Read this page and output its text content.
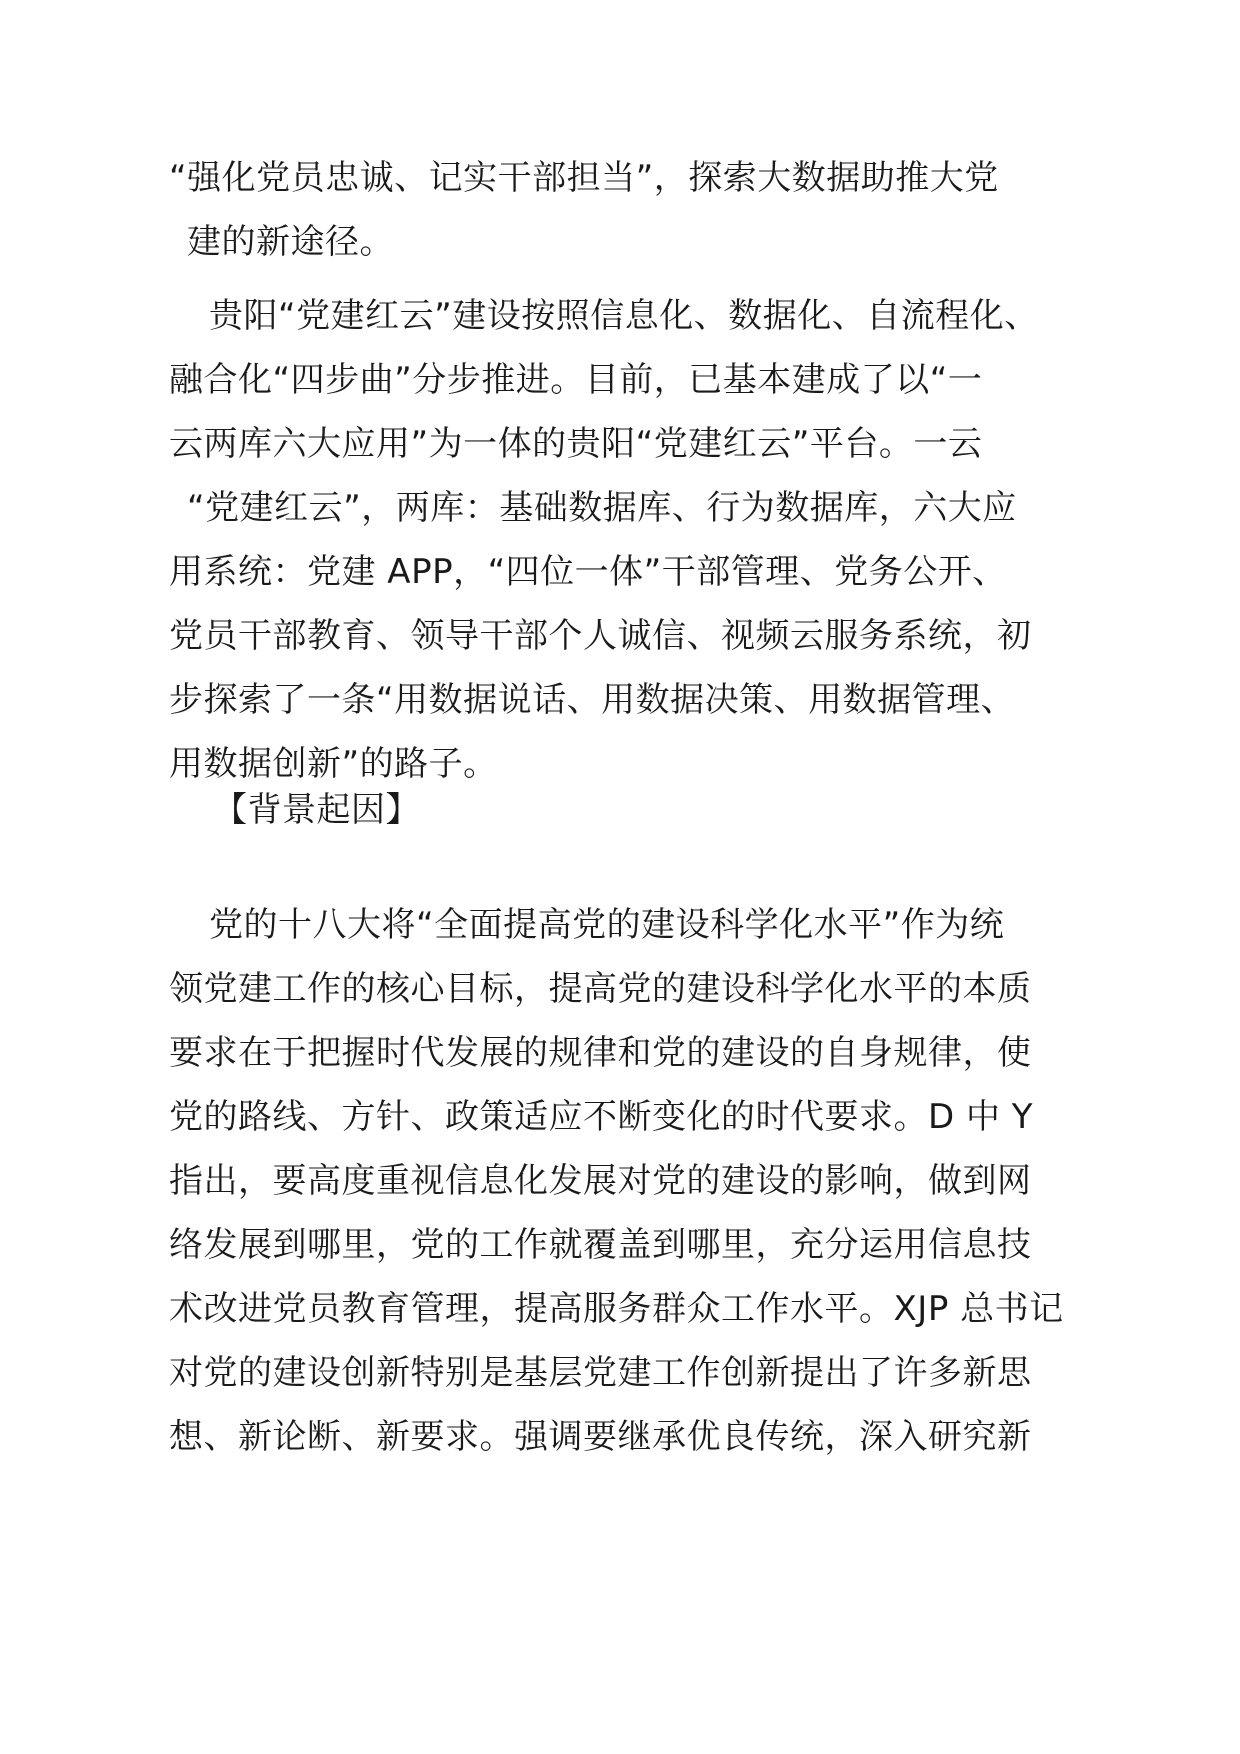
“强化党员忠诚、记实干部担当”，探索大数据助推大党
建的新途径。
贵阳“党建红云”建设按照信息化、数据化、自流程化、
融合化“四步曲”分步推进。目前，已基本建成了以“一
云两库六大应用”为一体的贵阳“党建红云”平台。一云
“党建红云”，两库：基础数据库、行为数据库，六大应
用系统：党建 APP，“四位一体”干部管理、党务公开、
党员干部教育、领导干部个人诚信、视频云服务系统，初
步探索了一条“用数据说话、用数据决策、用数据管理、
用数据创新”的路子。
【背景起因】
党的十八大将“全面提高党的建设科学化水平”作为统
领党建工作的核心目标，提高党的建设科学化水平的本质
要求在于把握时代发展的规律和党的建设的自身规律，使
党的路线、方针、政策适应不断变化的时代要求。D 中 Y
指出，要高度重视信息化发展对党的建设的影响，做到网
络发展到哪里，党的工作就覆盖到哪里，充分运用信息技
术改进党员教育管理，提高服务群众工作水平。XJP 总书记
对党的建设创新特别是基层党建工作创新提出了许多新思
想、新论断、新要求。强调要继承优良传统，深入研究新
